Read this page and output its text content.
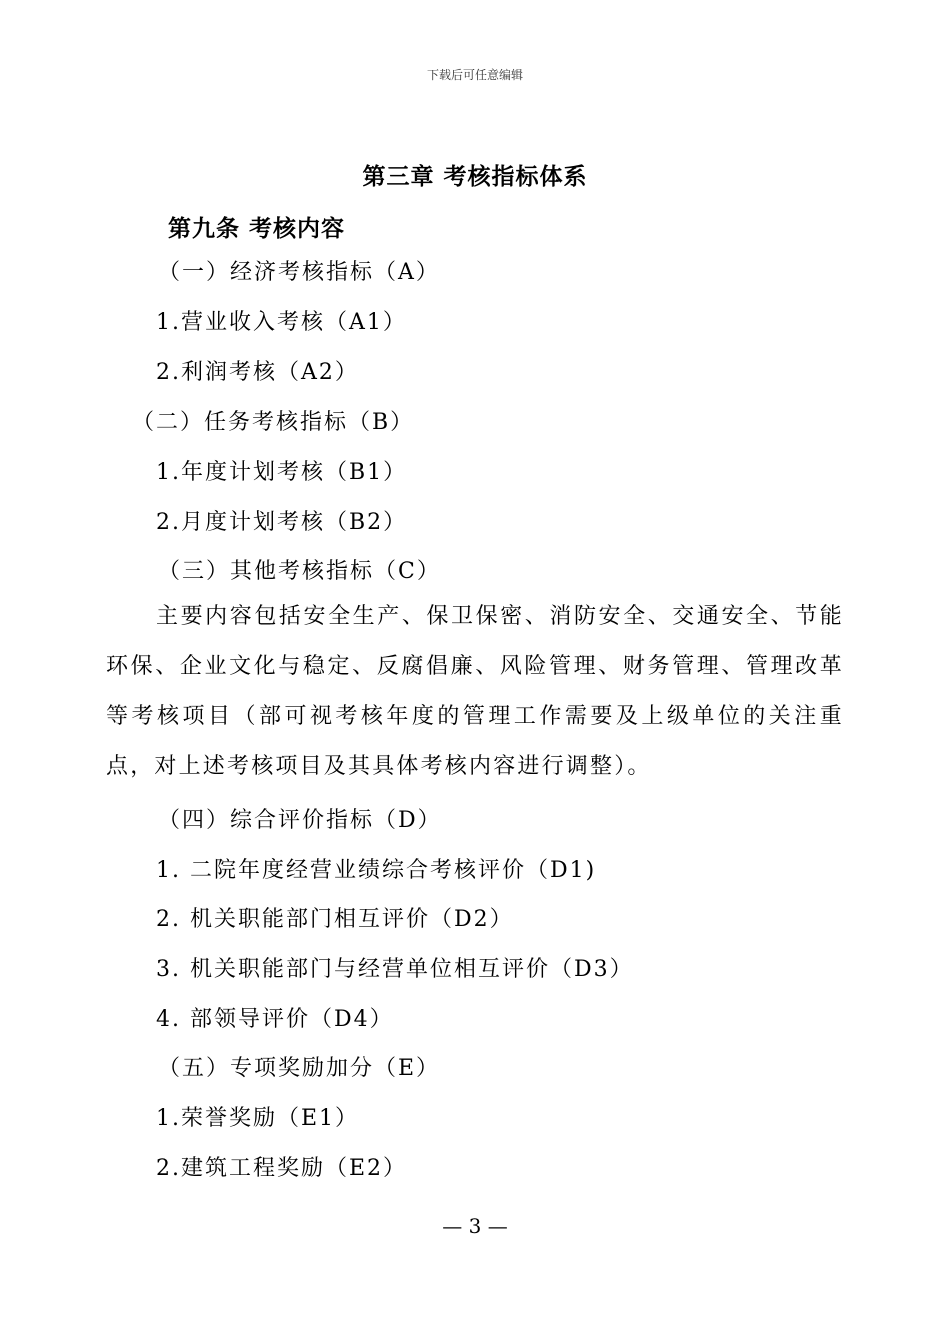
下载后可任意编辑
第三章 考核指标体系
第九条 考核内容
（一）经济考核指标（A）
1.营业收入考核（A1）
2.利润考核（A2）
（二）任务考核指标（B）
1.年度计划考核（B1）
2.月度计划考核（B2）
（三）其他考核指标（C）
主要内容包括安全生产、保卫保密、消防安全、交通安全、节能环保、企业文化与稳定、反腐倡廉、风险管理、财务管理、管理改革等考核项目（部可视考核年度的管理工作需要及上级单位的关注重点，对上述考核项目及其具体考核内容进行调整）。
（四）综合评价指标（D）
1. 二院年度经营业绩综合考核评价（D1)
2. 机关职能部门相互评价（D2）
3. 机关职能部门与经营单位相互评价（D3）
4. 部领导评价（D4）
（五）专项奖励加分（E）
1.荣誉奖励（E1）
2.建筑工程奖励（E2）
— 3 —
